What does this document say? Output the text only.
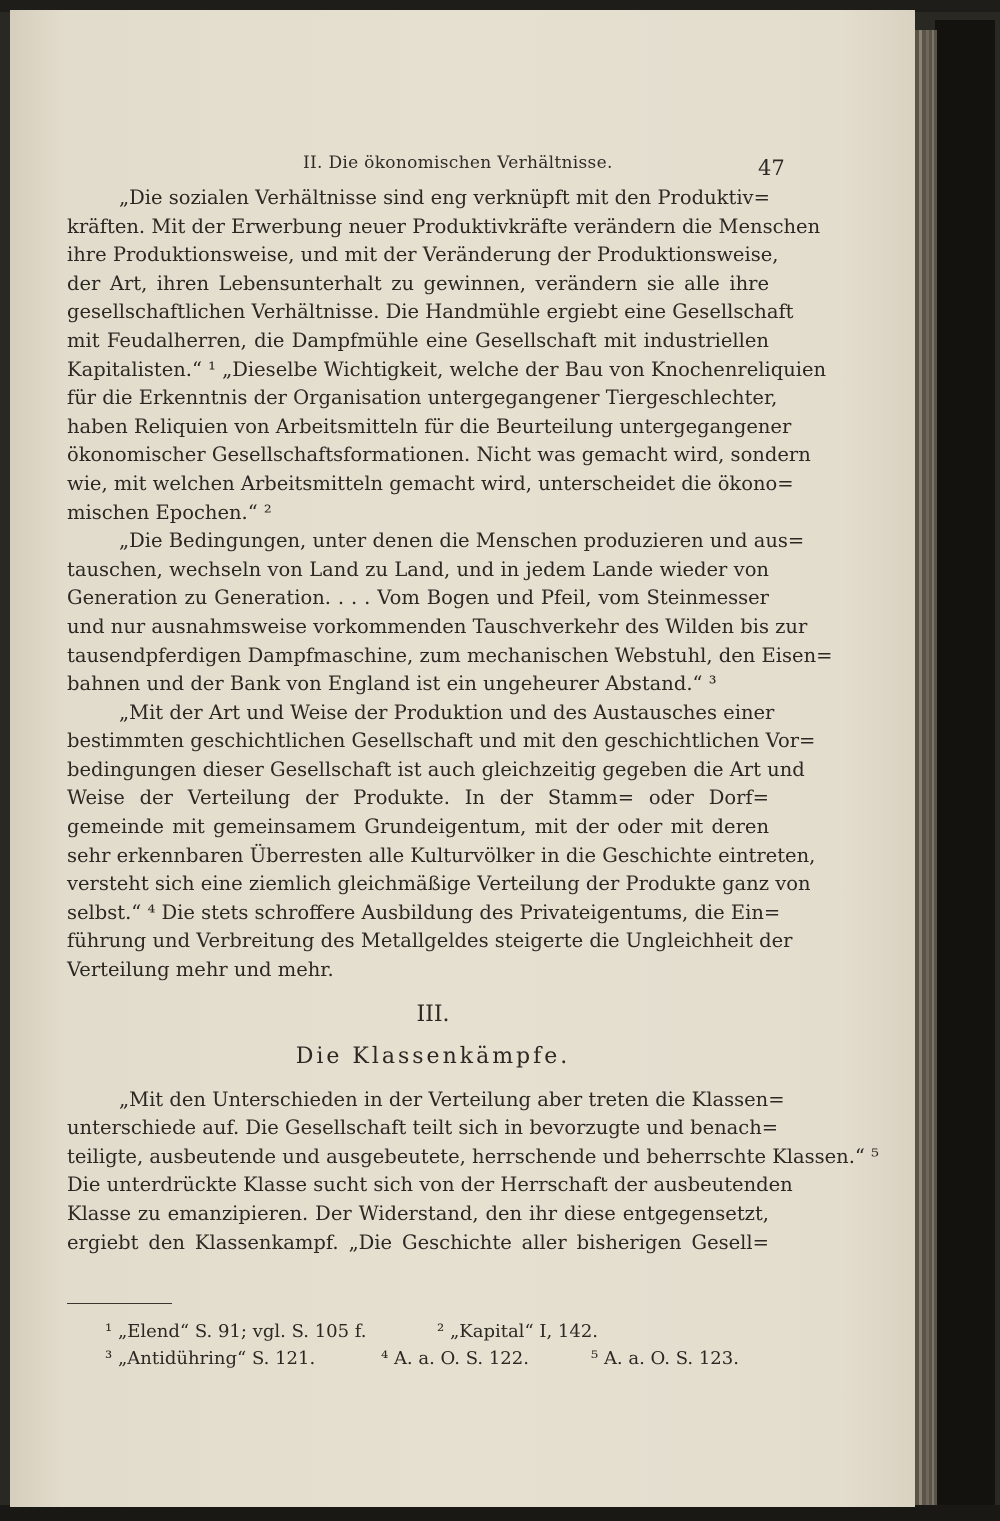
II. Die ökonomischen Verhältnisse.	47
„Die sozialen Verhältnisse sind eng verknüpft mit den Produktiv=
kräften. Mit der Erwerbung neuer Produktivkräfte verändern die Menschen
ihre Produktionsweise, und mit der Veränderung der Produktionsweise,
der Art, ihren Lebensunterhalt zu gewinnen, verändern sie alle ihre
gesellschaftlichen Verhältnisse. Die Handmühle ergiebt eine Gesellschaft
mit Feudalherren, die Dampfmühle eine Gesellschaft mit industriellen
Kapitalisten.“ ¹ „Dieselbe Wichtigkeit, welche der Bau von Knochenreliquien
für die Erkenntnis der Organisation untergegangener Tiergeschlechter,
haben Reliquien von Arbeitsmitteln für die Beurteilung untergegangener
ökonomischer Gesellschaftsformationen. Nicht was gemacht wird, sondern
wie, mit welchen Arbeitsmitteln gemacht wird, unterscheidet die ökono=
mischen Epochen.“ ²
„Die Bedingungen, unter denen die Menschen produzieren und aus=
tauschen, wechseln von Land zu Land, und in jedem Lande wieder von
Generation zu Generation. . . . Vom Bogen und Pfeil, vom Steinmesser
und nur ausnahmsweise vorkommenden Tauschverkehr des Wilden bis zur
tausendpferdigen Dampfmaschine, zum mechanischen Webstuhl, den Eisen=
bahnen und der Bank von England ist ein ungeheurer Abstand.“ ³
„Mit der Art und Weise der Produktion und des Austausches einer
bestimmten geschichtlichen Gesellschaft und mit den geschichtlichen Vor=
bedingungen dieser Gesellschaft ist auch gleichzeitig gegeben die Art und
Weise der Verteilung der Produkte. In der Stamm= oder Dorf=
gemeinde mit gemeinsamem Grundeigentum, mit der oder mit deren
sehr erkennbaren Überresten alle Kulturvölker in die Geschichte eintreten,
versteht sich eine ziemlich gleichmäßige Verteilung der Produkte ganz von
selbst.“ ⁴ Die stets schroffere Ausbildung des Privateigentums, die Ein=
führung und Verbreitung des Metallgeldes steigerte die Ungleichheit der
Verteilung mehr und mehr.
III.
Die Klassenkämpfe.
„Mit den Unterschieden in der Verteilung aber treten die Klassen=
unterschiede auf. Die Gesellschaft teilt sich in bevorzugte und benach=
teiligte, ausbeutende und ausgebeutete, herrschende und beherrschte Klassen.“ ⁵
Die unterdrückte Klasse sucht sich von der Herrschaft der ausbeutenden
Klasse zu emanzipieren. Der Widerstand, den ihr diese entgegensetzt,
ergiebt den Klassenkampf. „Die Geschichte aller bisherigen Gesell=
¹ „Elend“ S. 91; vgl. S. 105 f.	² „Kapital“ I, 142.
³ „Antidühring“ S. 121.	⁴ A. a. O. S. 122.	⁵ A. a. O. S. 123.
